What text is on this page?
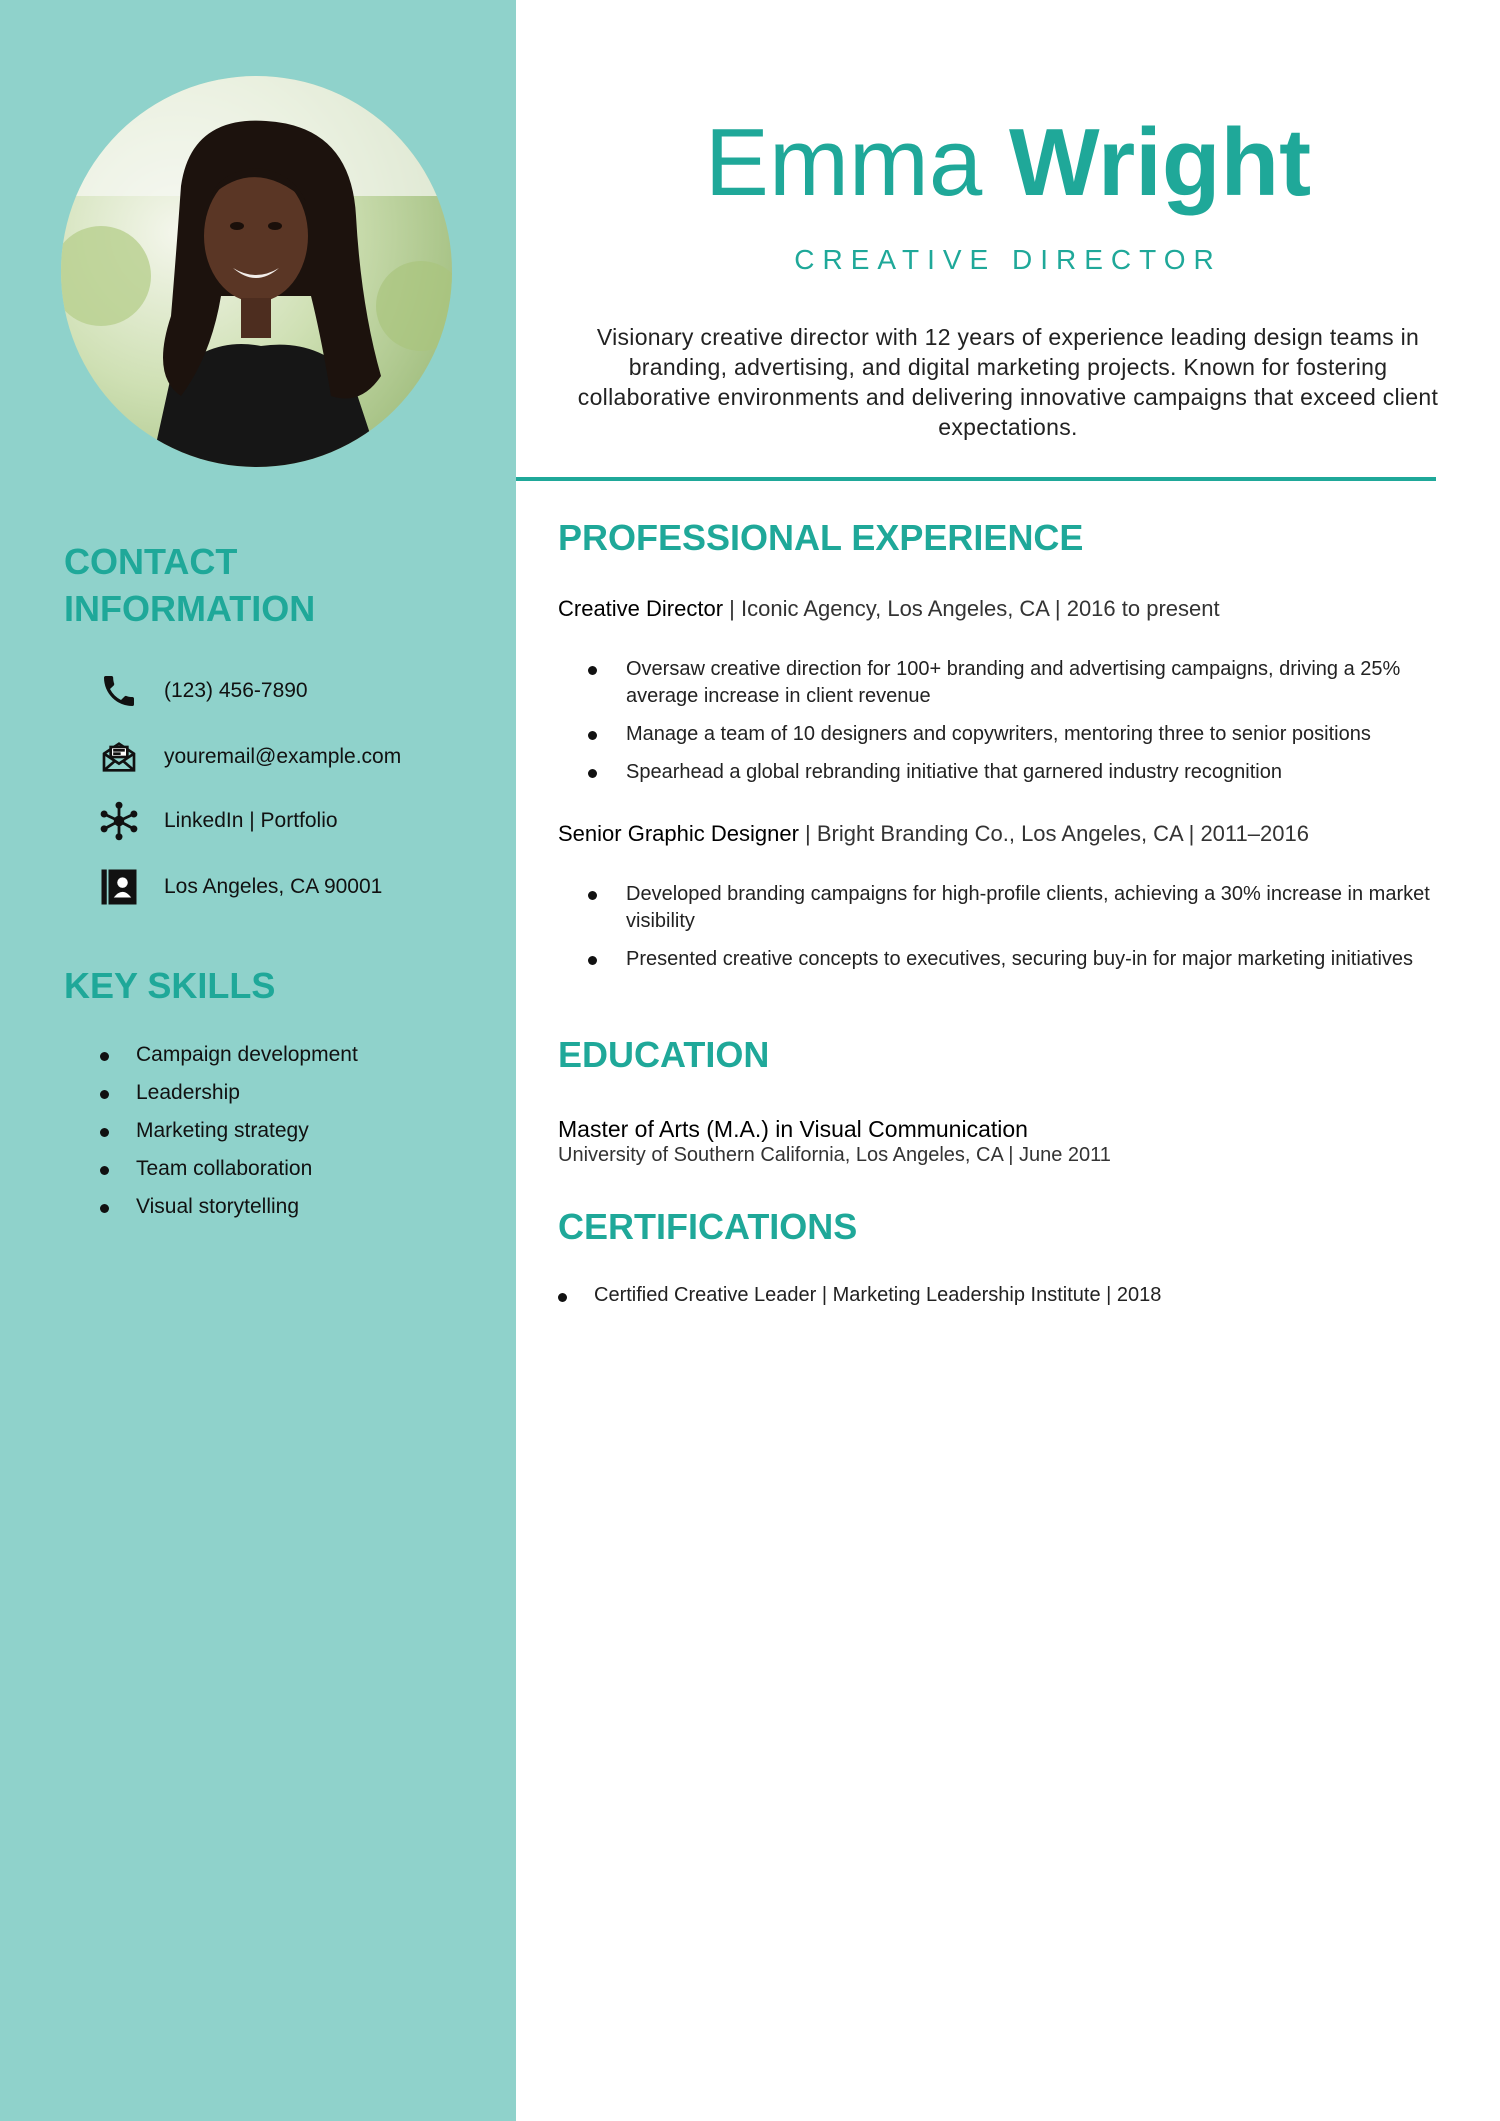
CONTACT
INFORMATION
(123) 456-7890
youremail@example.com
LinkedIn | Portfolio
Los Angeles, CA 90001
KEY SKILLS
Campaign development
Leadership
Marketing strategy
Team collaboration
Visual storytelling
Emma Wright
CREATIVE DIRECTOR
Visionary creative director with 12 years of experience leading design teams in branding, advertising, and digital marketing projects. Known for fostering collaborative environments and delivering innovative campaigns that exceed client expectations.
PROFESSIONAL EXPERIENCE
Creative Director | Iconic Agency, Los Angeles, CA | 2016 to present
Oversaw creative direction for 100+ branding and advertising campaigns, driving a 25% average increase in client revenue
Manage a team of 10 designers and copywriters, mentoring three to senior positions
Spearhead a global rebranding initiative that garnered industry recognition
Senior Graphic Designer | Bright Branding Co., Los Angeles, CA | 2011–2016
Developed branding campaigns for high-profile clients, achieving a 30% increase in market visibility
Presented creative concepts to executives, securing buy-in for major marketing initiatives
EDUCATION
Master of Arts (M.A.) in Visual Communication
University of Southern California, Los Angeles, CA | June 2011
CERTIFICATIONS
Certified Creative Leader | Marketing Leadership Institute | 2018
